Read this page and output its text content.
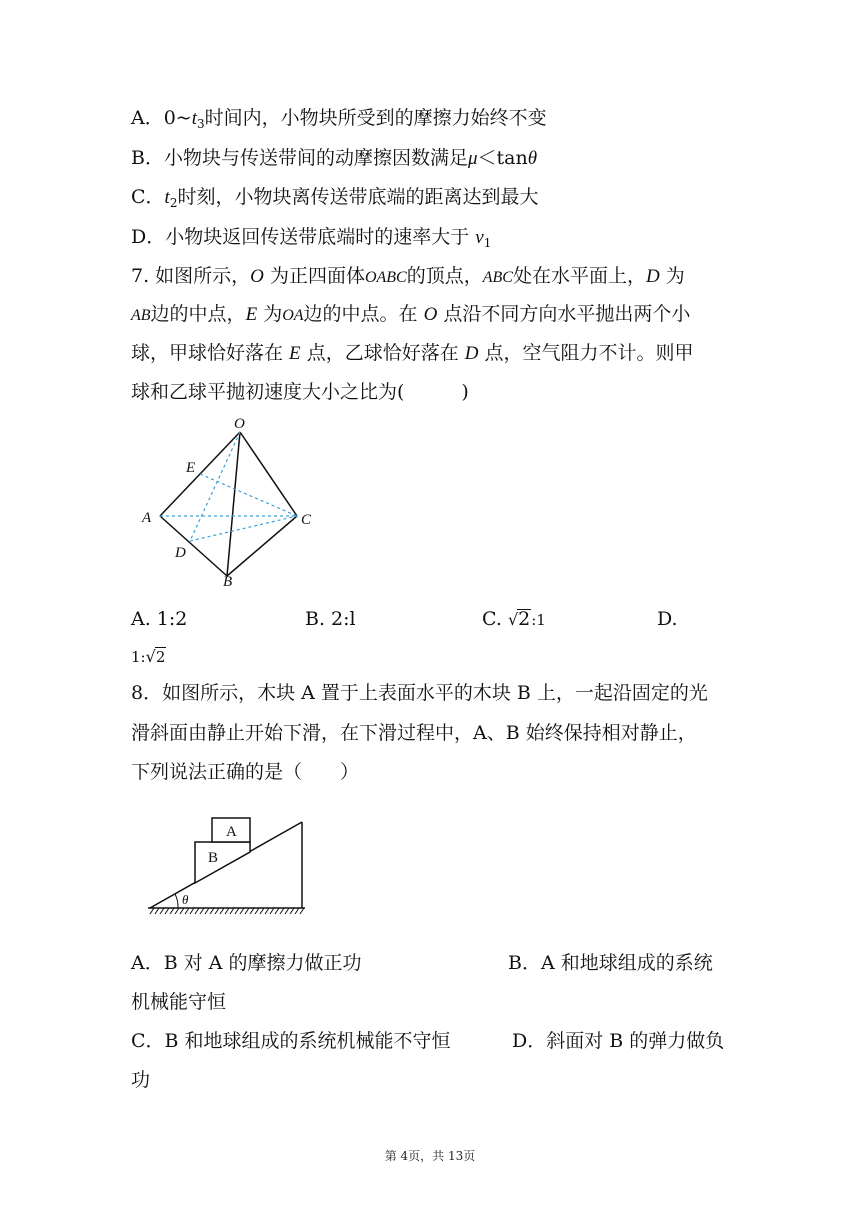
A．$0\sim t_3$时间内，小物块所受到的摩擦力始终不变
B．小物块与传送带间的动摩擦因数满足μ＜tanθ
C．$t_2$时刻，小物块离传送带底端的距离达到最大
D．小物块返回传送带底端时的速率大于 $v_1$
7. 如图所示，O 为正四面体OABC的顶点，ABC处在水平面上，D 为
AB边的中点，E 为OA边的中点。在 O 点沿不同方向水平抛出两个小
球，甲球恰好落在 E 点，乙球恰好落在 D 点，空气阻力不计。则甲
球和乙球平抛初速度大小之比为(　　　)
O
E
A	C
D
B
A. 1:2	B. 2:l	C. √2:1	D.
1:√2
8．如图所示，木块 A 置于上表面水平的木块 B 上，一起沿固定的光
滑斜面由静止开始下滑，在下滑过程中，A、B 始终保持相对静止，
下列说法正确的是（　　）
A
B
θ
A．B 对 A 的摩擦力做正功	B．A 和地球组成的系统
机械能守恒
C．B 和地球组成的系统机械能不守恒	D．斜面对 B 的弹力做负
功
第 4页，共 13页
